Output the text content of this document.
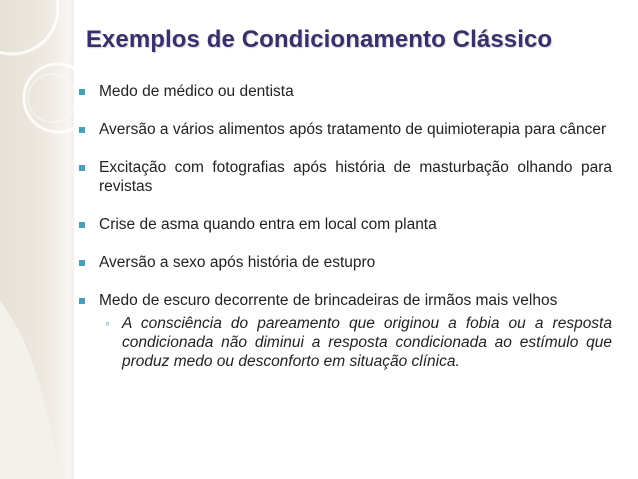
Exemplos de Condicionamento Clássico
Medo de médico ou dentista
Aversão a vários alimentos após tratamento de quimioterapia para câncer
Excitação com fotografias após história de masturbação olhando para revistas
Crise de asma quando entra em local com planta
Aversão a sexo após história de estupro
Medo de escuro decorrente de brincadeiras de irmãos mais velhos
◦ A consciência do pareamento que originou a fobia ou a resposta condicionada não diminui a resposta condicionada ao estímulo que produz medo ou desconforto em situação clínica.
